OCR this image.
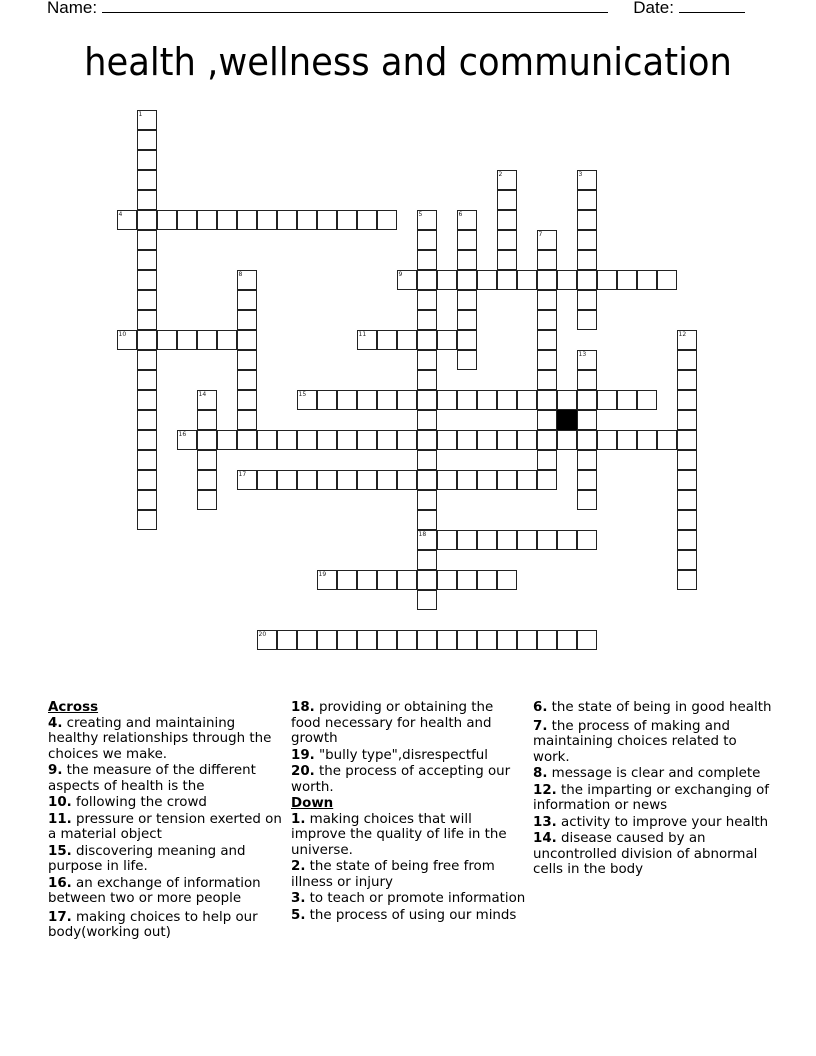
Name:	Date:
health ,wellness and communication
1
2	3
4	5
18
6
7
8	9
10	11	12
13
14	15
16
17
19
20
Across
4. creating and maintaining healthy relationships through the choices we make.
9. the measure of the different aspects of health is the
10. following the crowd
11. pressure or tension exerted on a material object
15. discovering meaning and purpose in life.
16. an exchange of information between two or more people
17. making choices to help our body(working out)
18. providing or obtaining the food necessary for health and growth
19. "bully type",disrespectful
20. the process of accepting our worth.
Down
1. making choices that will improve the quality of life in the universe.
2. the state of being free from illness or injury
3. to teach or promote information
5. the process of using our minds
6. the state of being in good health
7. the process of making and maintaining choices related to work.
8. message is clear and complete
12. the imparting or exchanging of information or news
13. activity to improve your health
14. disease caused by an uncontrolled division of abnormal cells in the body
